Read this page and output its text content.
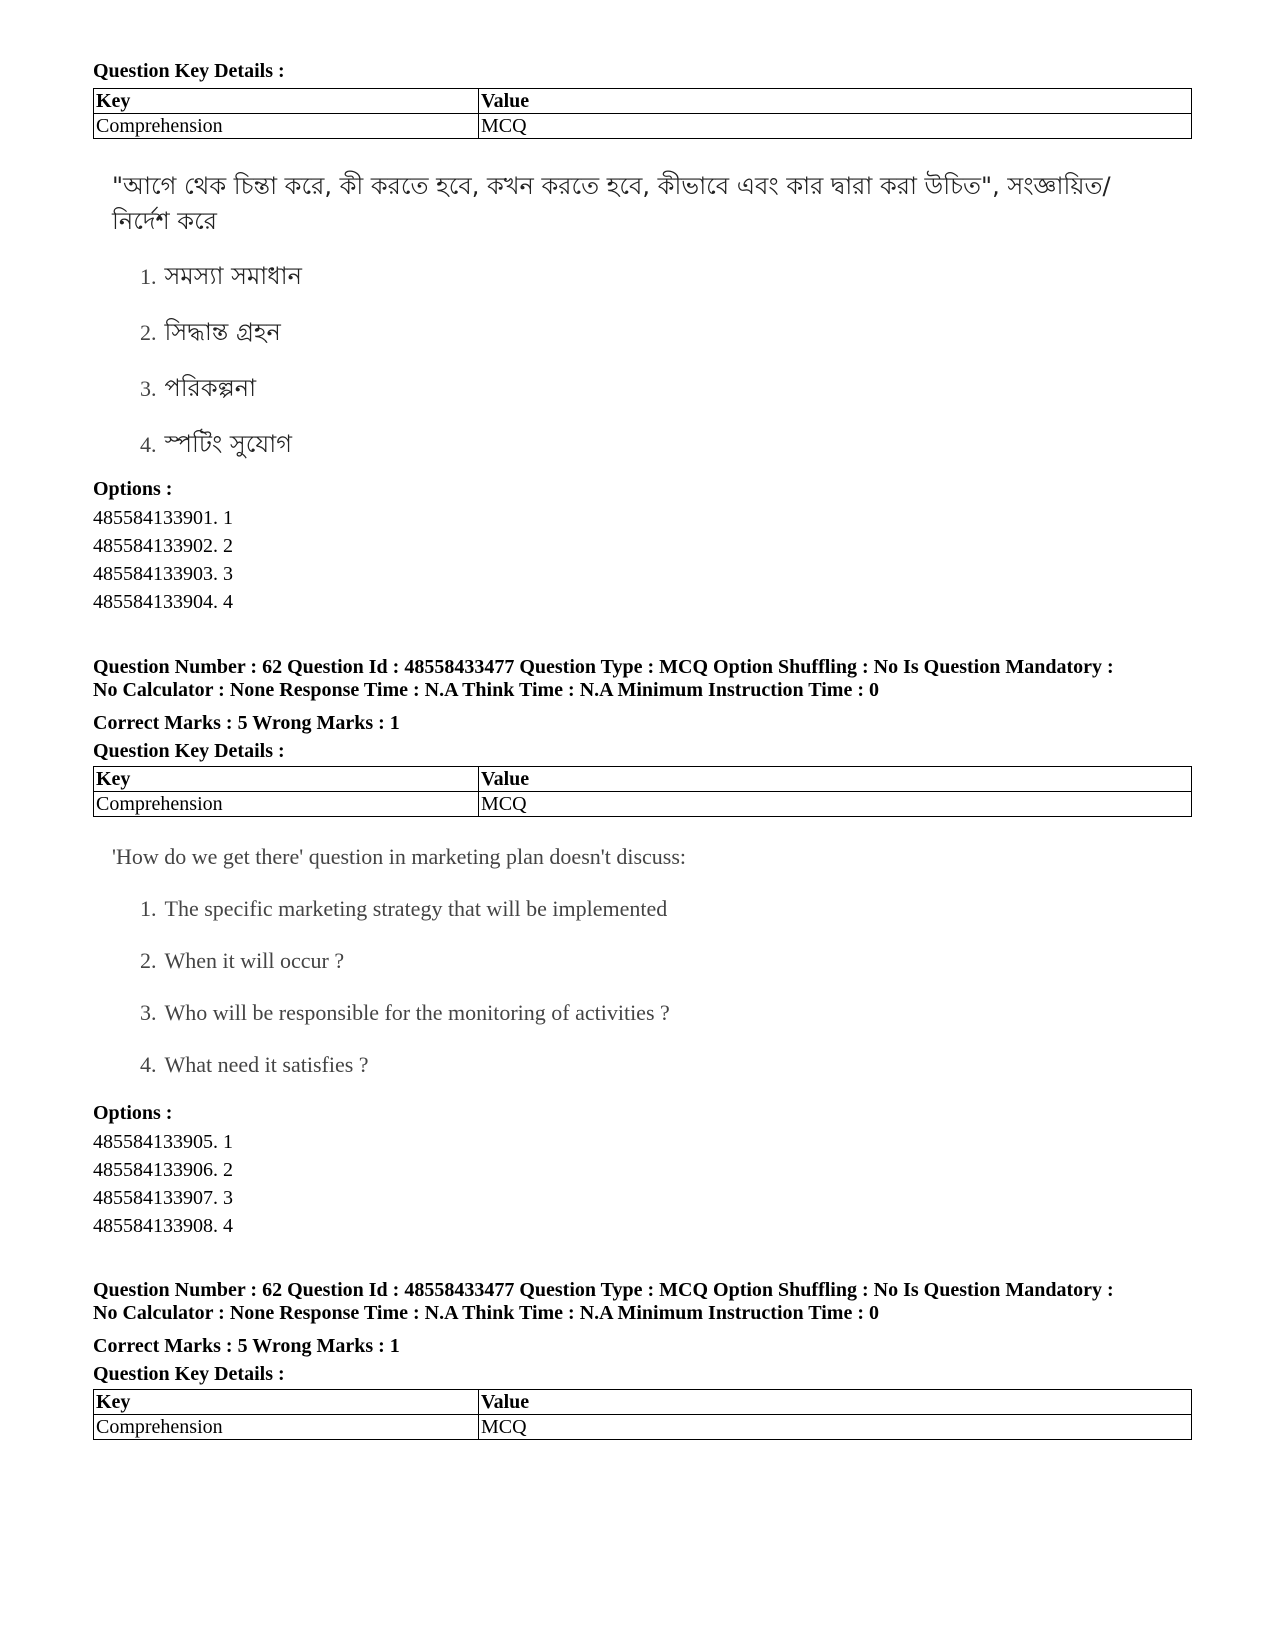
Question Key Details :
Key	Value
Comprehension	MCQ
"আগে থেক চিন্তা করে, কী করতে হবে, কখন করতে হবে, কীভাবে এবং কার দ্বারা করা উচিত", সংজ্ঞায়িত/
নির্দেশ করে
1. সমস্যা সমাধান
2. সিদ্ধান্ত গ্রহন
3. পরিকল্পনা
4. স্পটিং সুযোগ
Options :
485584133901. 1
485584133902. 2
485584133903. 3
485584133904. 4
Question Number : 62 Question Id : 48558433477 Question Type : MCQ Option Shuffling : No Is Question Mandatory :
No Calculator : None Response Time : N.A Think Time : N.A Minimum Instruction Time : 0
Correct Marks : 5 Wrong Marks : 1
Question Key Details :
Key	Value
Comprehension	MCQ
'How do we get there' question in marketing plan doesn't discuss:
1. The specific marketing strategy that will be implemented
2. When it will occur ?
3. Who will be responsible for the monitoring of activities ?
4. What need it satisfies ?
Options :
485584133905. 1
485584133906. 2
485584133907. 3
485584133908. 4
Question Number : 62 Question Id : 48558433477 Question Type : MCQ Option Shuffling : No Is Question Mandatory :
No Calculator : None Response Time : N.A Think Time : N.A Minimum Instruction Time : 0
Correct Marks : 5 Wrong Marks : 1
Question Key Details :
Key	Value
Comprehension	MCQ
